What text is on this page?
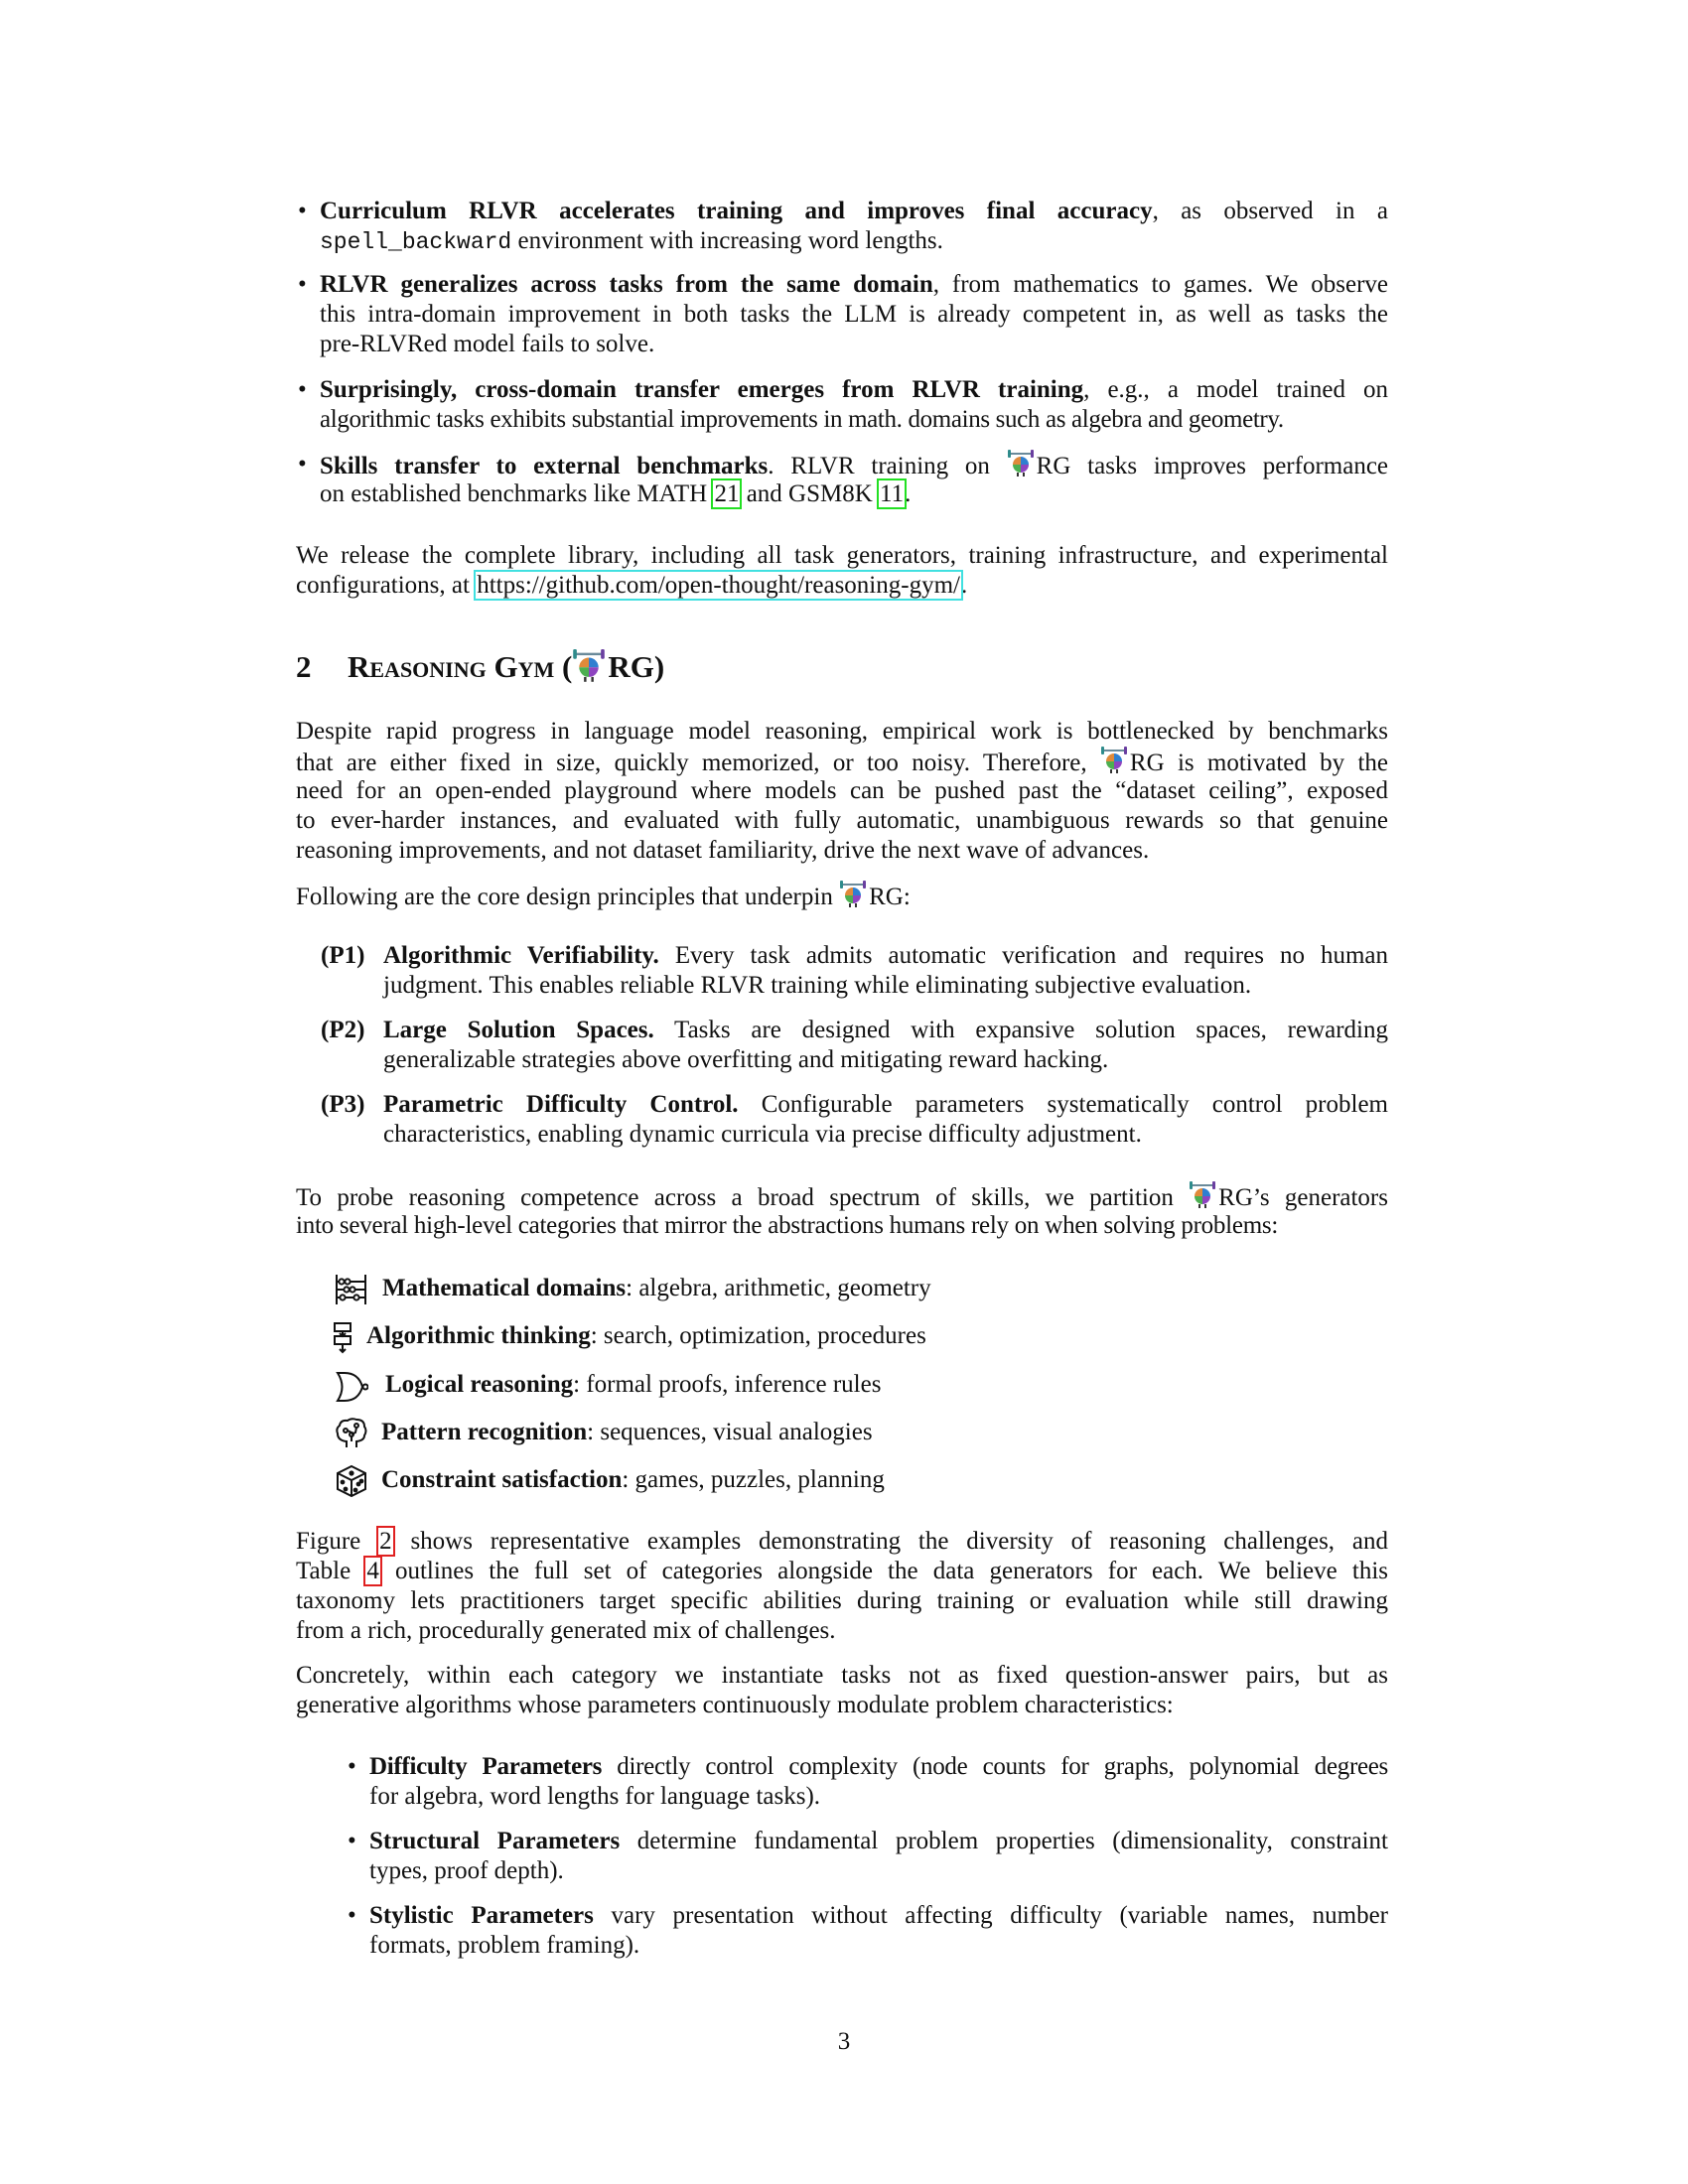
• Curriculum RLVR accelerates training and improves final accuracy, as observed in a
spell_backward environment with increasing word lengths.
• RLVR generalizes across tasks from the same domain, from mathematics to games. We observe
this intra-domain improvement in both tasks the LLM is already competent in, as well as tasks the
pre-RLVRed model fails to solve.
• Surprisingly, cross-domain transfer emerges from RLVR training, e.g., a model trained on
algorithmic tasks exhibits substantial improvements in math. domains such as algebra and geometry.
• Skills transfer to external benchmarks. RLVR training on RG tasks improves performance
on established benchmarks like MATH 21 and GSM8K 11.
We release the complete library, including all task generators, training infrastructure, and experimental
configurations, at https://github.com/open-thought/reasoning-gym/.
2 Reasoning Gym ( RG)
Despite rapid progress in language model reasoning, empirical work is bottlenecked by benchmarks
that are either fixed in size, quickly memorized, or too noisy. Therefore, RG is motivated by the
need for an open-ended playground where models can be pushed past the “dataset ceiling”, exposed
to ever-harder instances, and evaluated with fully automatic, unambiguous rewards so that genuine
reasoning improvements, and not dataset familiarity, drive the next wave of advances.
Following are the core design principles that underpin RG:
(P1) Algorithmic Verifiability. Every task admits automatic verification and requires no human
judgment. This enables reliable RLVR training while eliminating subjective evaluation.
(P2) Large Solution Spaces. Tasks are designed with expansive solution spaces, rewarding
generalizable strategies above overfitting and mitigating reward hacking.
(P3) Parametric Difficulty Control. Configurable parameters systematically control problem
characteristics, enabling dynamic curricula via precise difficulty adjustment.
To probe reasoning competence across a broad spectrum of skills, we partition RG’s generators
into several high-level categories that mirror the abstractions humans rely on when solving problems:
Mathematical domains: algebra, arithmetic, geometry
Algorithmic thinking: search, optimization, procedures
Logical reasoning: formal proofs, inference rules
Pattern recognition: sequences, visual analogies
Constraint satisfaction: games, puzzles, planning
Figure 2 shows representative examples demonstrating the diversity of reasoning challenges, and
Table 4 outlines the full set of categories alongside the data generators for each. We believe this
taxonomy lets practitioners target specific abilities during training or evaluation while still drawing
from a rich, procedurally generated mix of challenges.
Concretely, within each category we instantiate tasks not as fixed question-answer pairs, but as
generative algorithms whose parameters continuously modulate problem characteristics:
• Difficulty Parameters directly control complexity (node counts for graphs, polynomial degrees
for algebra, word lengths for language tasks).
• Structural Parameters determine fundamental problem properties (dimensionality, constraint
types, proof depth).
• Stylistic Parameters vary presentation without affecting difficulty (variable names, number
formats, problem framing).
3
